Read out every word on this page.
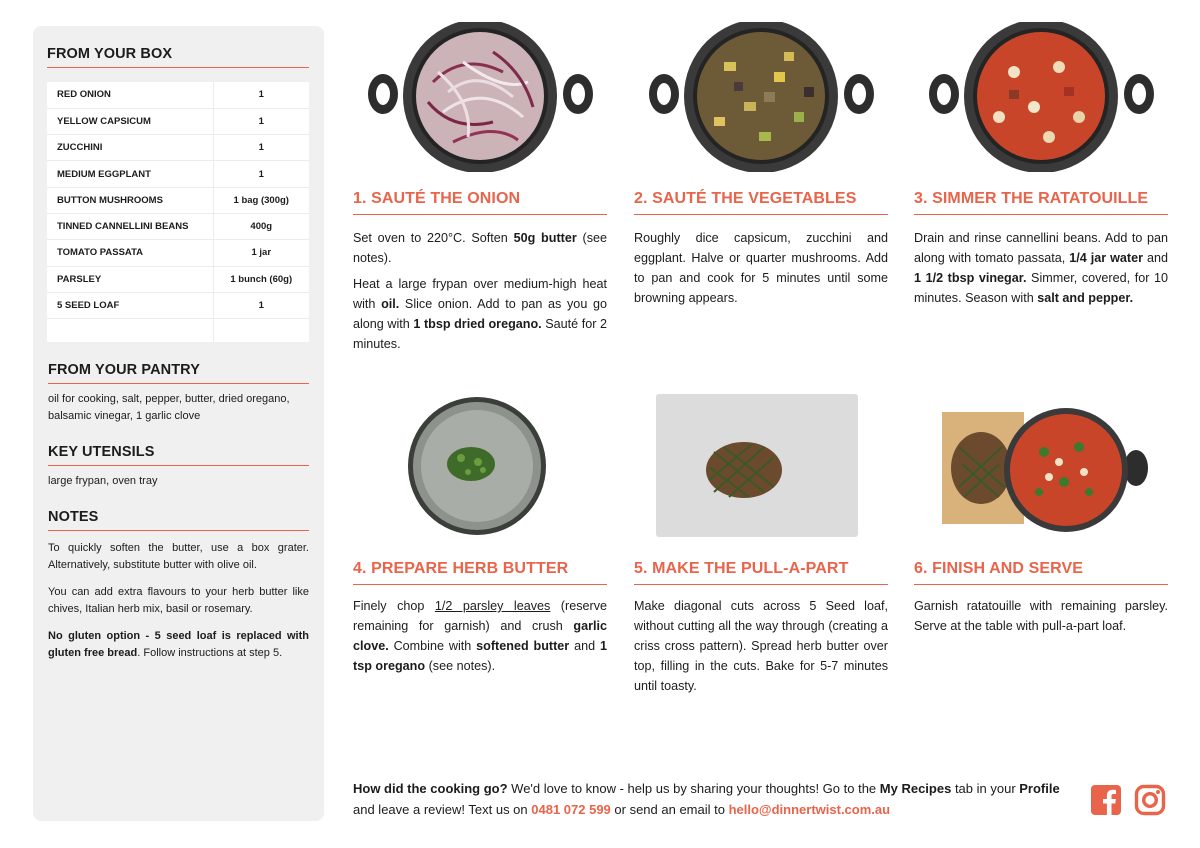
FROM YOUR BOX
RED ONION	1
YELLOW CAPSICUM	1
ZUCCHINI	1
MEDIUM EGGPLANT	1
BUTTON MUSHROOMS	1 bag (300g)
TINNED CANNELLINI BEANS	400g
TOMATO PASSATA	1 jar
PARSLEY	1 bunch (60g)
5 SEED LOAF	1

FROM YOUR PANTRY

oil for cooking, salt, pepper, butter, dried oregano, balsamic vinegar, 1 garlic clove

KEY UTENSILS

large frypan, oven tray

NOTES

To quickly soften the butter, use a box grater. Alternatively, substitute butter with olive oil.

You can add extra flavours to your herb butter like chives, Italian herb mix, basil or rosemary.

No gluten option - 5 seed loaf is replaced with gluten free bread. Follow instructions at step 5.

1. SAUTÉ THE ONION

Set oven to 220°C. Soften 50g butter (see notes).

Heat a large frypan over medium-high heat with oil. Slice onion. Add to pan as you go along with 1 tbsp dried oregano. Sauté for 2 minutes.

2. SAUTÉ THE VEGETABLES

Roughly dice capsicum, zucchini and eggplant. Halve or quarter mushrooms. Add to pan and cook for 5 minutes until some browning appears.

3. SIMMER THE RATATOUILLE

Drain and rinse cannellini beans. Add to pan along with tomato passata, 1/4 jar water and 1 1/2 tbsp vinegar. Simmer, covered, for 10 minutes. Season with salt and pepper.

4. PREPARE HERB BUTTER

Finely chop 1/2 parsley leaves (reserve remaining for garnish) and crush garlic clove. Combine with softened butter and 1 tsp oregano (see notes).

5. MAKE THE PULL-A-PART

Make diagonal cuts across 5 Seed loaf, without cutting all the way through (creating a criss cross pattern). Spread herb butter over top, filling in the cuts. Bake for 5-7 minutes until toasty.

6. FINISH AND SERVE

Garnish ratatouille with remaining parsley. Serve at the table with pull-a-part loaf.

How did the cooking go? We'd love to know - help us by sharing your thoughts! Go to the My Recipes tab in your Profile and leave a review! Text us on 0481 072 599 or send an email to hello@dinnertwist.com.au
